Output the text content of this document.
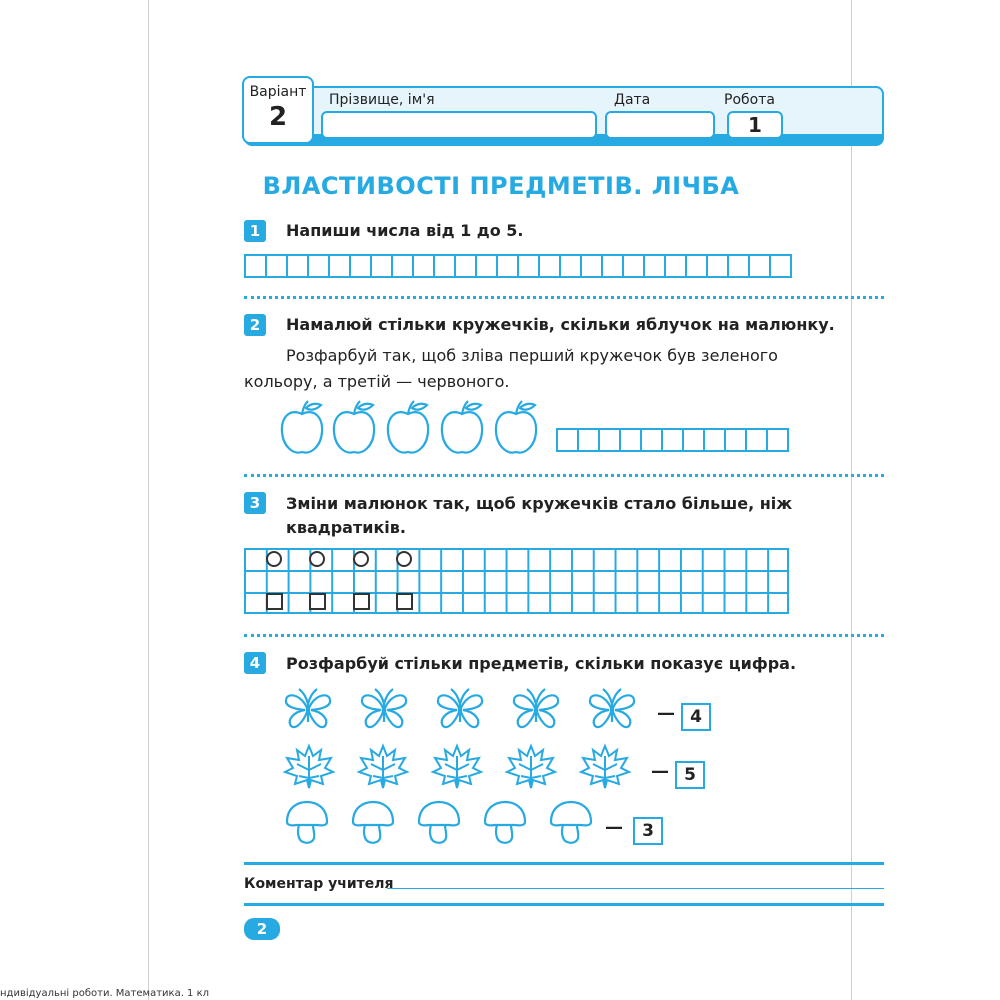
Варіант
2
Прізвище, ім'я	Дата	Робота
1
ВЛАСТИВОСТІ ПРЕДМЕТІВ. ЛІЧБА
1	Напиши числа від 1 до 5.
2	Намалюй стільки кружечків, скільки яблучок на малюнку.
Розфарбуй так, щоб зліва перший кружечок був зеленого
кольору, а третій — червоного.
3	Зміни малюнок так, щоб кружечків стало більше, ніж
квадратиків.
4	Розфарбуй стільки предметів, скільки показує цифра.
— 4
— 5
—	3
Коментар учителя
2
ндивідуальні роботи. Математика. 1 кл
